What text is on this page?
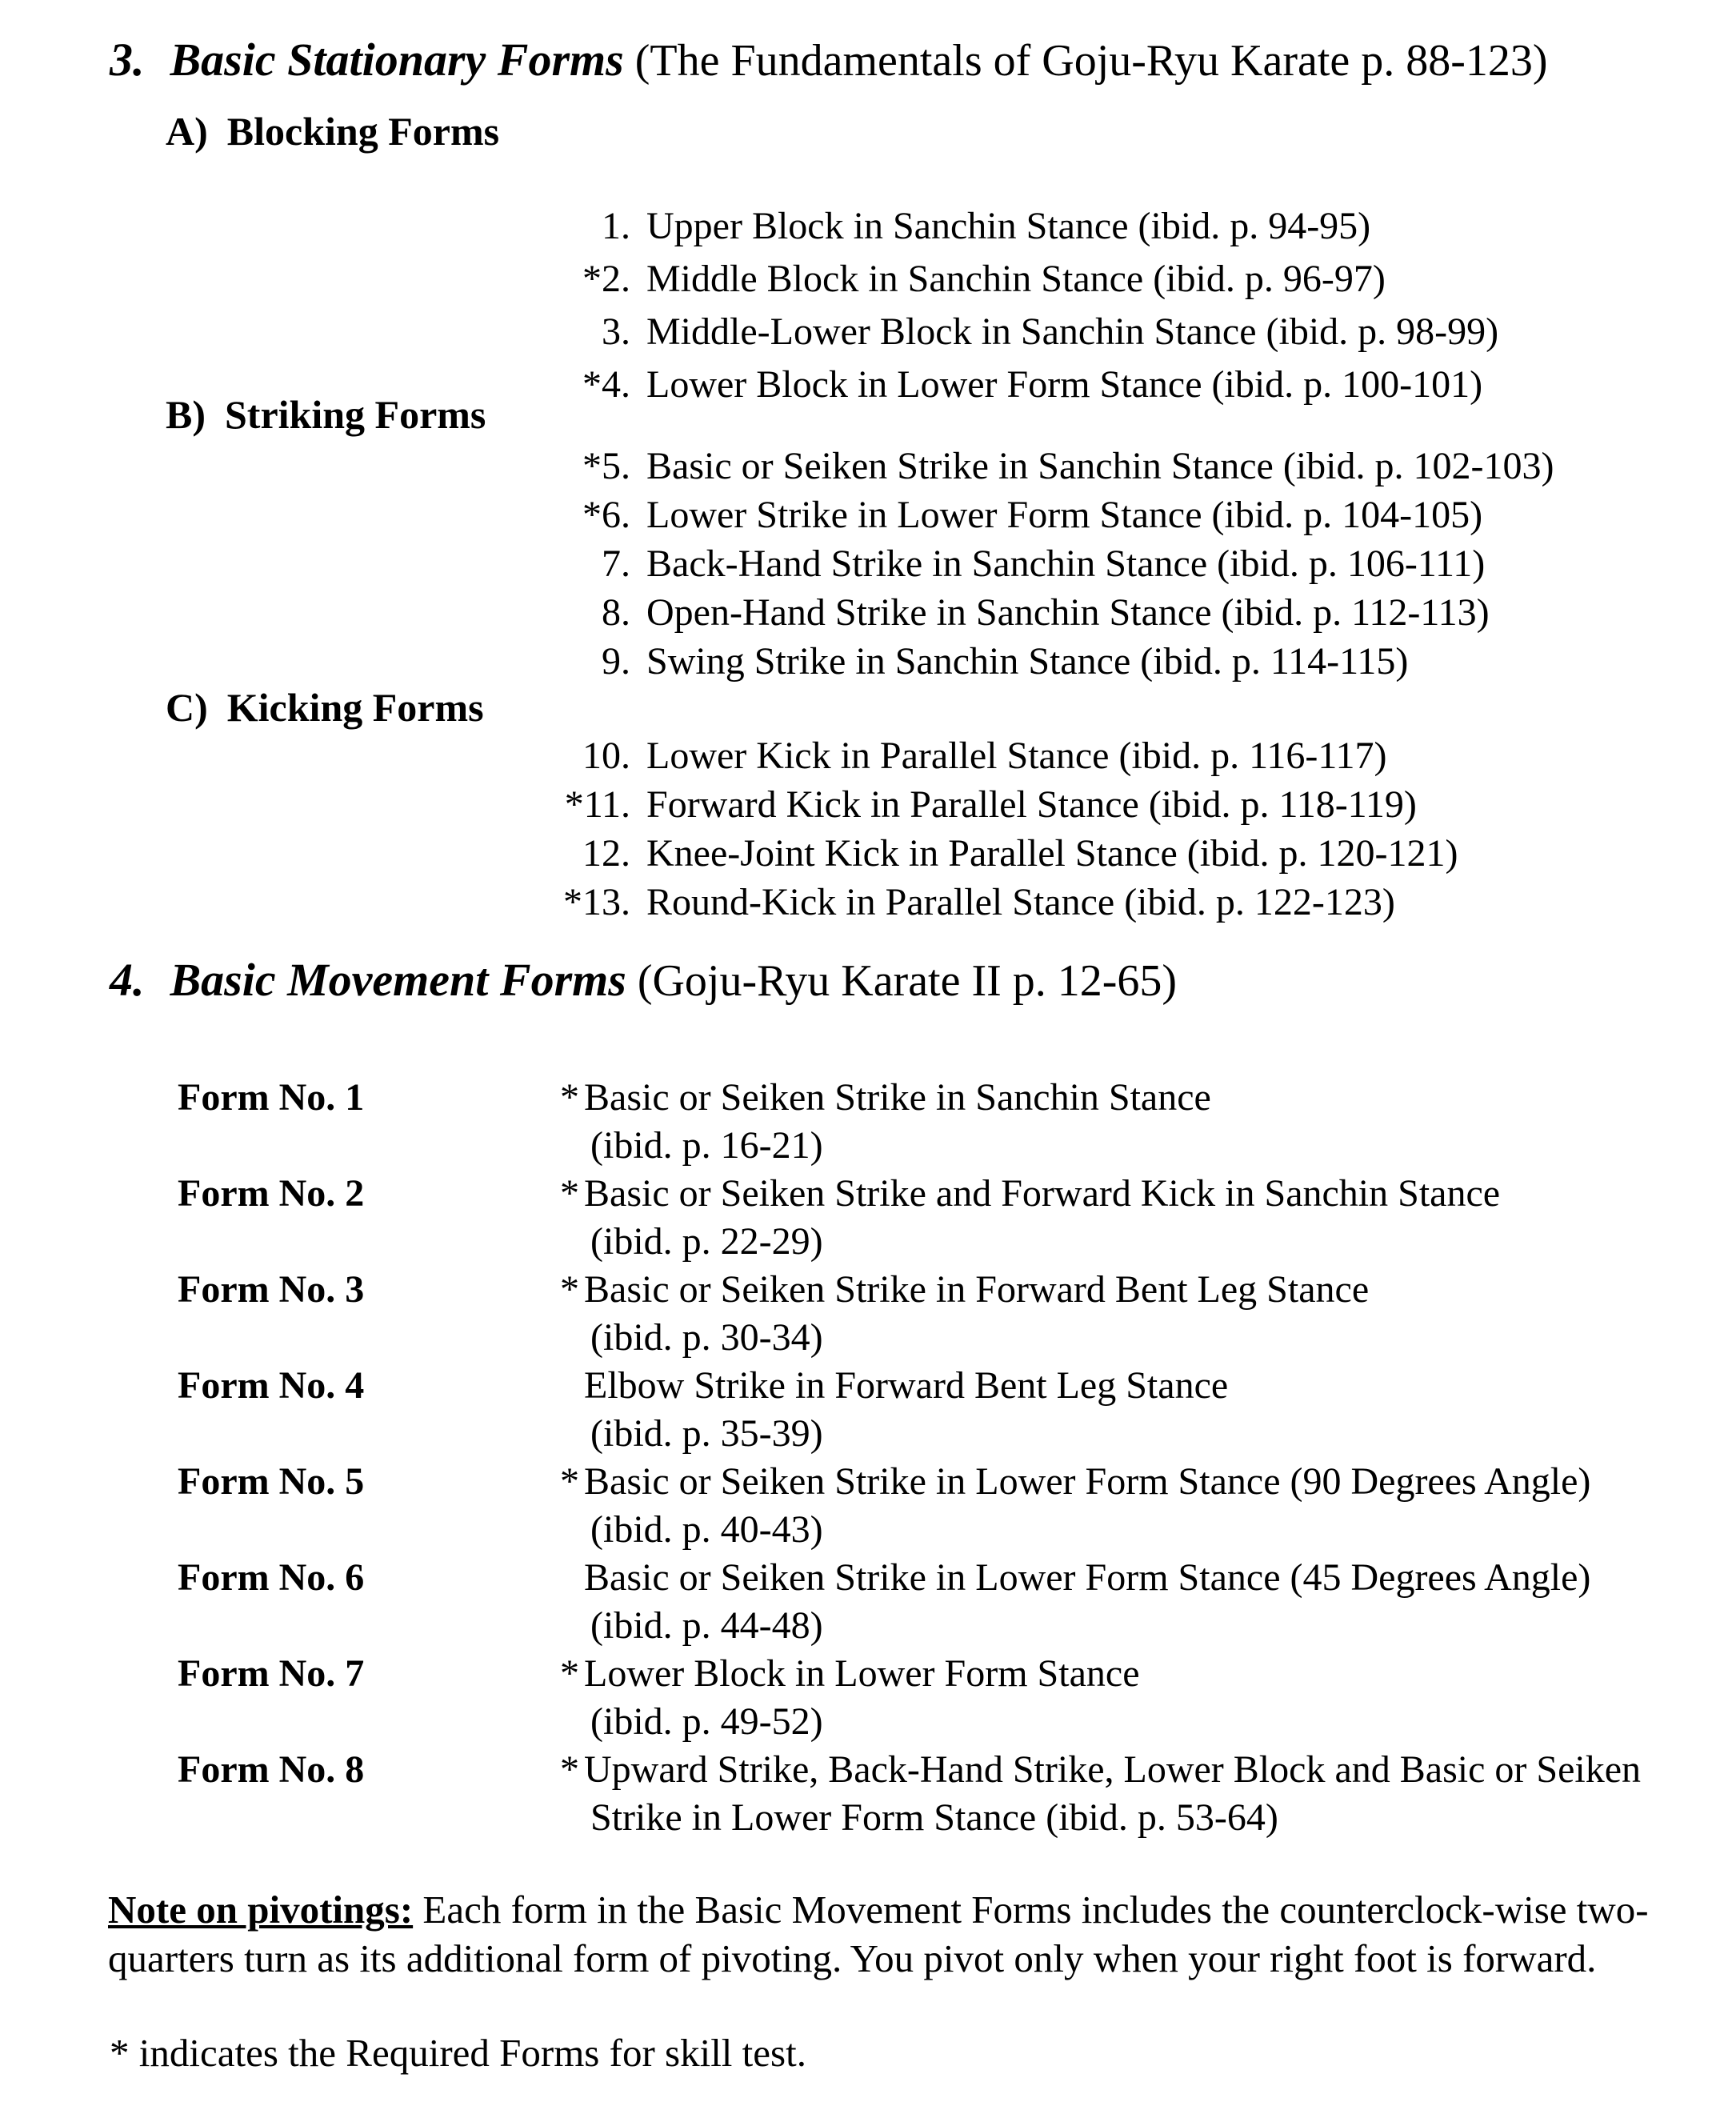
3. Basic Stationary Forms (The Fundamentals of Goju-Ryu Karate p. 88-123)
A) Blocking Forms
1. Upper Block in Sanchin Stance (ibid. p. 94-95)
*2. Middle Block in Sanchin Stance (ibid. p. 96-97)
3. Middle-Lower Block in Sanchin Stance (ibid. p. 98-99)
*4. Lower Block in Lower Form Stance (ibid. p. 100-101)
B) Striking Forms
*5. Basic or Seiken Strike in Sanchin Stance (ibid. p. 102-103)
*6. Lower Strike in Lower Form Stance (ibid. p. 104-105)
7. Back-Hand Strike in Sanchin Stance (ibid. p. 106-111)
8. Open-Hand Strike in Sanchin Stance (ibid. p. 112-113)
9. Swing Strike in Sanchin Stance (ibid. p. 114-115)
C) Kicking Forms
10. Lower Kick in Parallel Stance (ibid. p. 116-117)
*11. Forward Kick in Parallel Stance (ibid. p. 118-119)
12. Knee-Joint Kick in Parallel Stance (ibid. p. 120-121)
*13. Round-Kick in Parallel Stance (ibid. p. 122-123)
4. Basic Movement Forms (Goju-Ryu Karate II p. 12-65)
Form No. 1	* Basic or Seiken Strike in Sanchin Stance
(ibid. p. 16-21)
Form No. 2	* Basic or Seiken Strike and Forward Kick in Sanchin Stance
(ibid. p. 22-29)
Form No. 3	* Basic or Seiken Strike in Forward Bent Leg Stance
(ibid. p. 30-34)
Form No. 4	Elbow Strike in Forward Bent Leg Stance
(ibid. p. 35-39)
Form No. 5	* Basic or Seiken Strike in Lower Form Stance (90 Degrees Angle)
(ibid. p. 40-43)
Form No. 6	Basic or Seiken Strike in Lower Form Stance (45 Degrees Angle)
(ibid. p. 44-48)
Form No. 7	* Lower Block in Lower Form Stance
(ibid. p. 49-52)
Form No. 8	* Upward Strike, Back-Hand Strike, Lower Block and Basic or Seiken
Strike in Lower Form Stance (ibid. p. 53-64)
Note on pivotings: Each form in the Basic Movement Forms includes the counterclock-wise two-quarters turn as its additional form of pivoting. You pivot only when your right foot is forward.
* indicates the Required Forms for skill test.
